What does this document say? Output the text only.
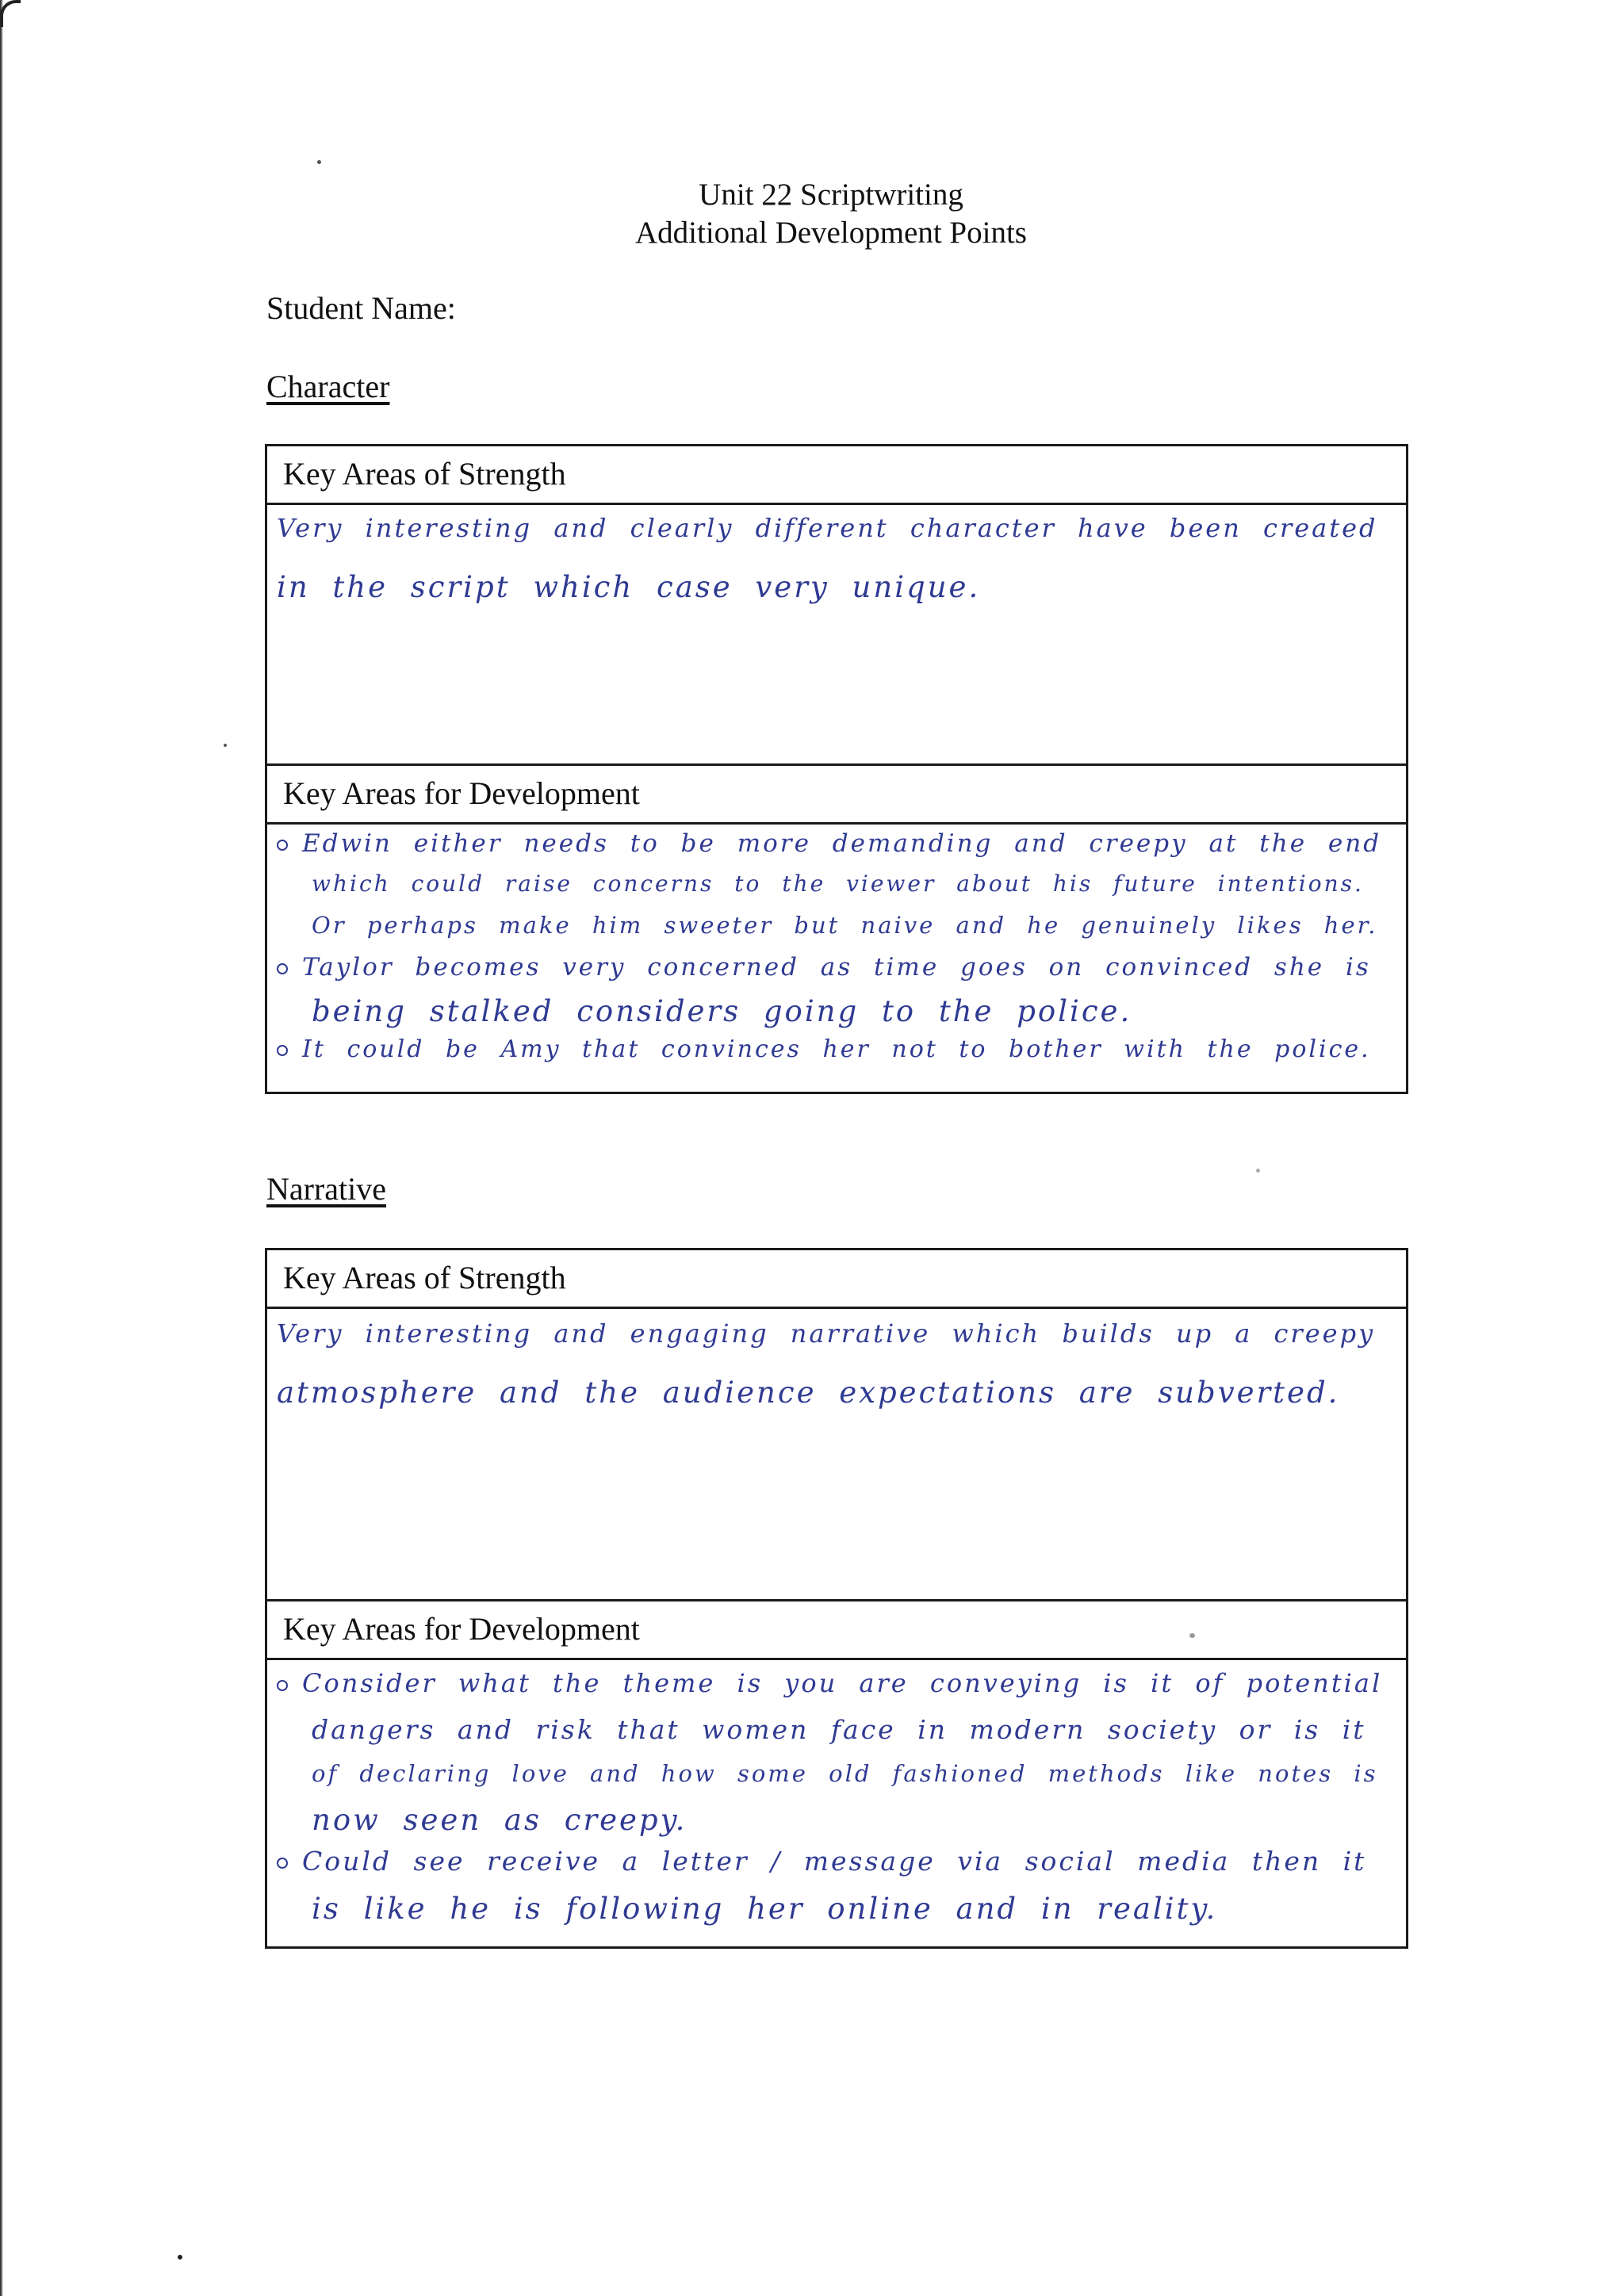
Unit 22 Scriptwriting
Additional Development Points
Student Name:
Character
Key Areas of Strength
Very interesting and clearly different character have been created
in the script which case very unique.
Key Areas for Development
Edwin either needs to be more demanding and creepy at the end
which could raise concerns to the viewer about his future intentions.
Or perhaps make him sweeter but naive and he genuinely likes her.
Taylor becomes very concerned as time goes on convinced she is
being stalked considers going to the police.
It could be Amy that convinces her not to bother with the police.
Narrative
Key Areas of Strength
Very interesting and engaging narrative which builds up a creepy
atmosphere and the audience expectations are subverted.
Key Areas for Development
Consider what the theme is you are conveying is it of potential
dangers and risk that women face in modern society or is it
of declaring love and how some old fashioned methods like notes is
now seen as creepy.
Could see receive a letter / message via social media then it
is like he is following her online and in reality.
